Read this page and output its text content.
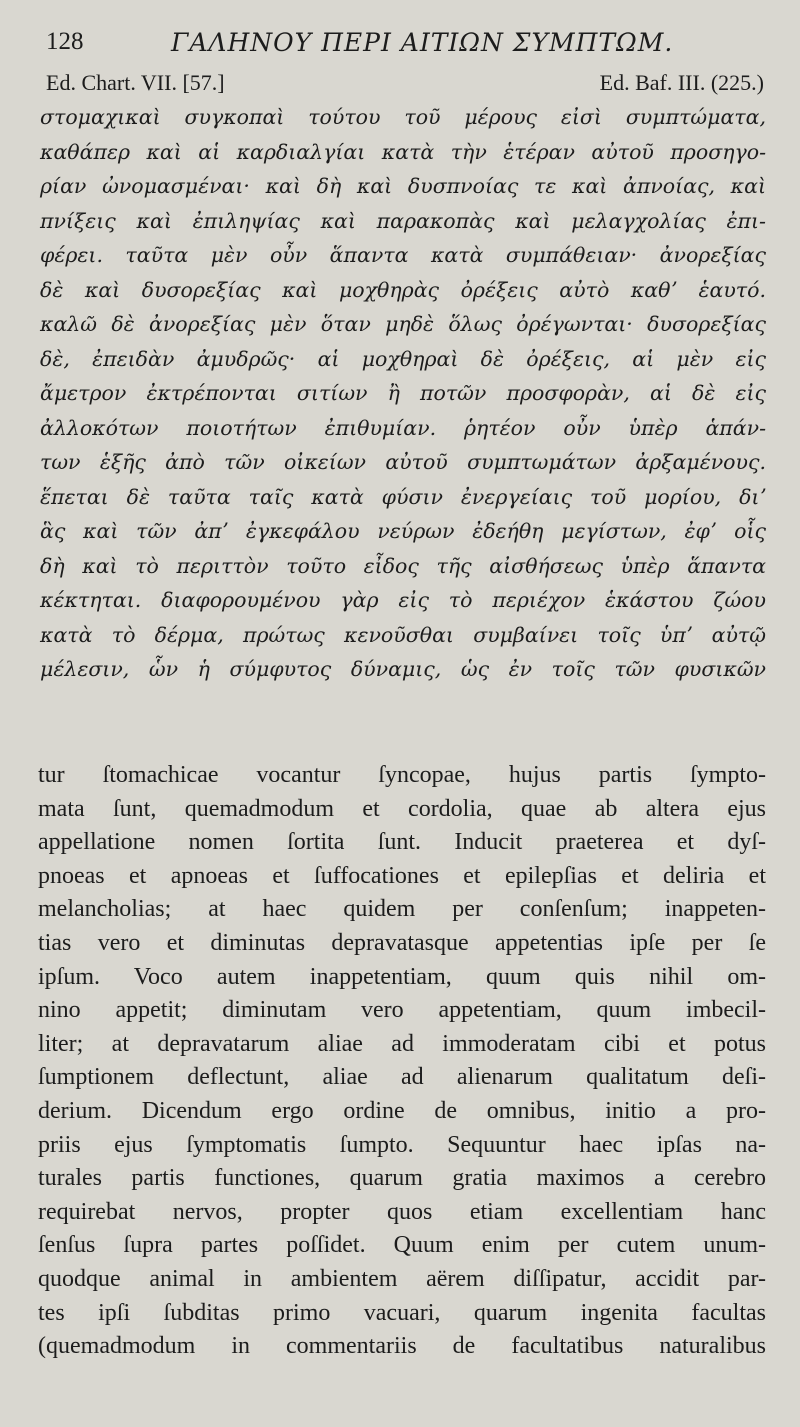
128	ΓΑΛΗΝΟΥ ΠΕΡΙ ΑΙΤΙΩΝ ΣΥΜΠΤΩΜ.
Ed. Chart. VII. [57.]	Ed. Baf. III. (225.)
στομαχικαὶ συγκοπαὶ τούτου τοῦ μέρους εἰσὶ συμπτώματα,
καθάπερ καὶ αἱ καρδιαλγίαι κατὰ τὴν ἑτέραν αὐτοῦ προσηγο-
ρίαν ὠνομασμέναι· καὶ δὴ καὶ δυσπνοίας τε καὶ ἀπνοίας, καὶ
πνίξεις καὶ ἐπιληψίας καὶ παρακοπὰς καὶ μελαγχολίας ἐπι-
φέρει. ταῦτα μὲν οὖν ἅπαντα κατὰ συμπάθειαν· ἀνορεξίας
δὲ καὶ δυσορεξίας καὶ μοχθηρὰς ὀρέξεις αὐτὸ καθʼ ἑαυτό.
καλῶ δὲ ἀνορεξίας μὲν ὅταν μηδὲ ὅλως ὀρέγωνται· δυσορεξίας
δὲ, ἐπειδὰν ἀμυδρῶς· αἱ μοχθηραὶ δὲ ὀρέξεις, αἱ μὲν εἰς
ἄμετρον ἐκτρέπονται σιτίων ἢ ποτῶν προσφορὰν, αἱ δὲ εἰς
ἀλλοκότων ποιοτήτων ἐπιθυμίαν. ῥητέον οὖν ὑπὲρ ἁπάν-
των ἑξῆς ἀπὸ τῶν οἰκείων αὐτοῦ συμπτωμάτων ἀρξαμένους.
ἕπεται δὲ ταῦτα ταῖς κατὰ φύσιν ἐνεργείαις τοῦ μορίου, διʼ
ἃς καὶ τῶν ἀπʼ ἐγκεφάλου νεύρων ἐδεήθη μεγίστων, ἐφʼ οἷς
δὴ καὶ τὸ περιττὸν τοῦτο εἶδος τῆς αἰσθήσεως ὑπὲρ ἅπαντα
κέκτηται. διαφορουμένου γὰρ εἰς τὸ περιέχον ἑκάστου ζώου
κατὰ τὸ δέρμα, πρώτως κενοῦσθαι συμβαίνει τοῖς ὑπʼ αὐτῷ
μέλεσιν, ὧν ἡ σύμφυτος δύναμις, ὡς ἐν τοῖς τῶν φυσικῶν
tur ſtomachicae vocantur ſyncopae, hujus partis ſympto-
mata ſunt, quemadmodum et cordolia, quae ab altera ejus
appellatione nomen ſortita ſunt. Inducit praeterea et dyſ-
pnoeas et apnoeas et ſuffocationes et epilepſias et deliria et
melancholias; at haec quidem per conſenſum; inappeten-
tias vero et diminutas depravatasque appetentias ipſe per ſe
ipſum. Voco autem inappetentiam, quum quis nihil om-
nino appetit; diminutam vero appetentiam, quum imbecil-
liter; at depravatarum aliae ad immoderatam cibi et potus
ſumptionem deflectunt, aliae ad alienarum qualitatum deſi-
derium. Dicendum ergo ordine de omnibus, initio a pro-
priis ejus ſymptomatis ſumpto. Sequuntur haec ipſas na-
turales partis functiones, quarum gratia maximos a cerebro
requirebat nervos, propter quos etiam excellentiam hanc
ſenſus ſupra partes poſſidet. Quum enim per cutem unum-
quodque animal in ambientem aërem diſſipatur, accidit par-
tes ipſi ſubditas primo vacuari, quarum ingenita facultas
(quemadmodum in commentariis de facultatibus naturalibus
